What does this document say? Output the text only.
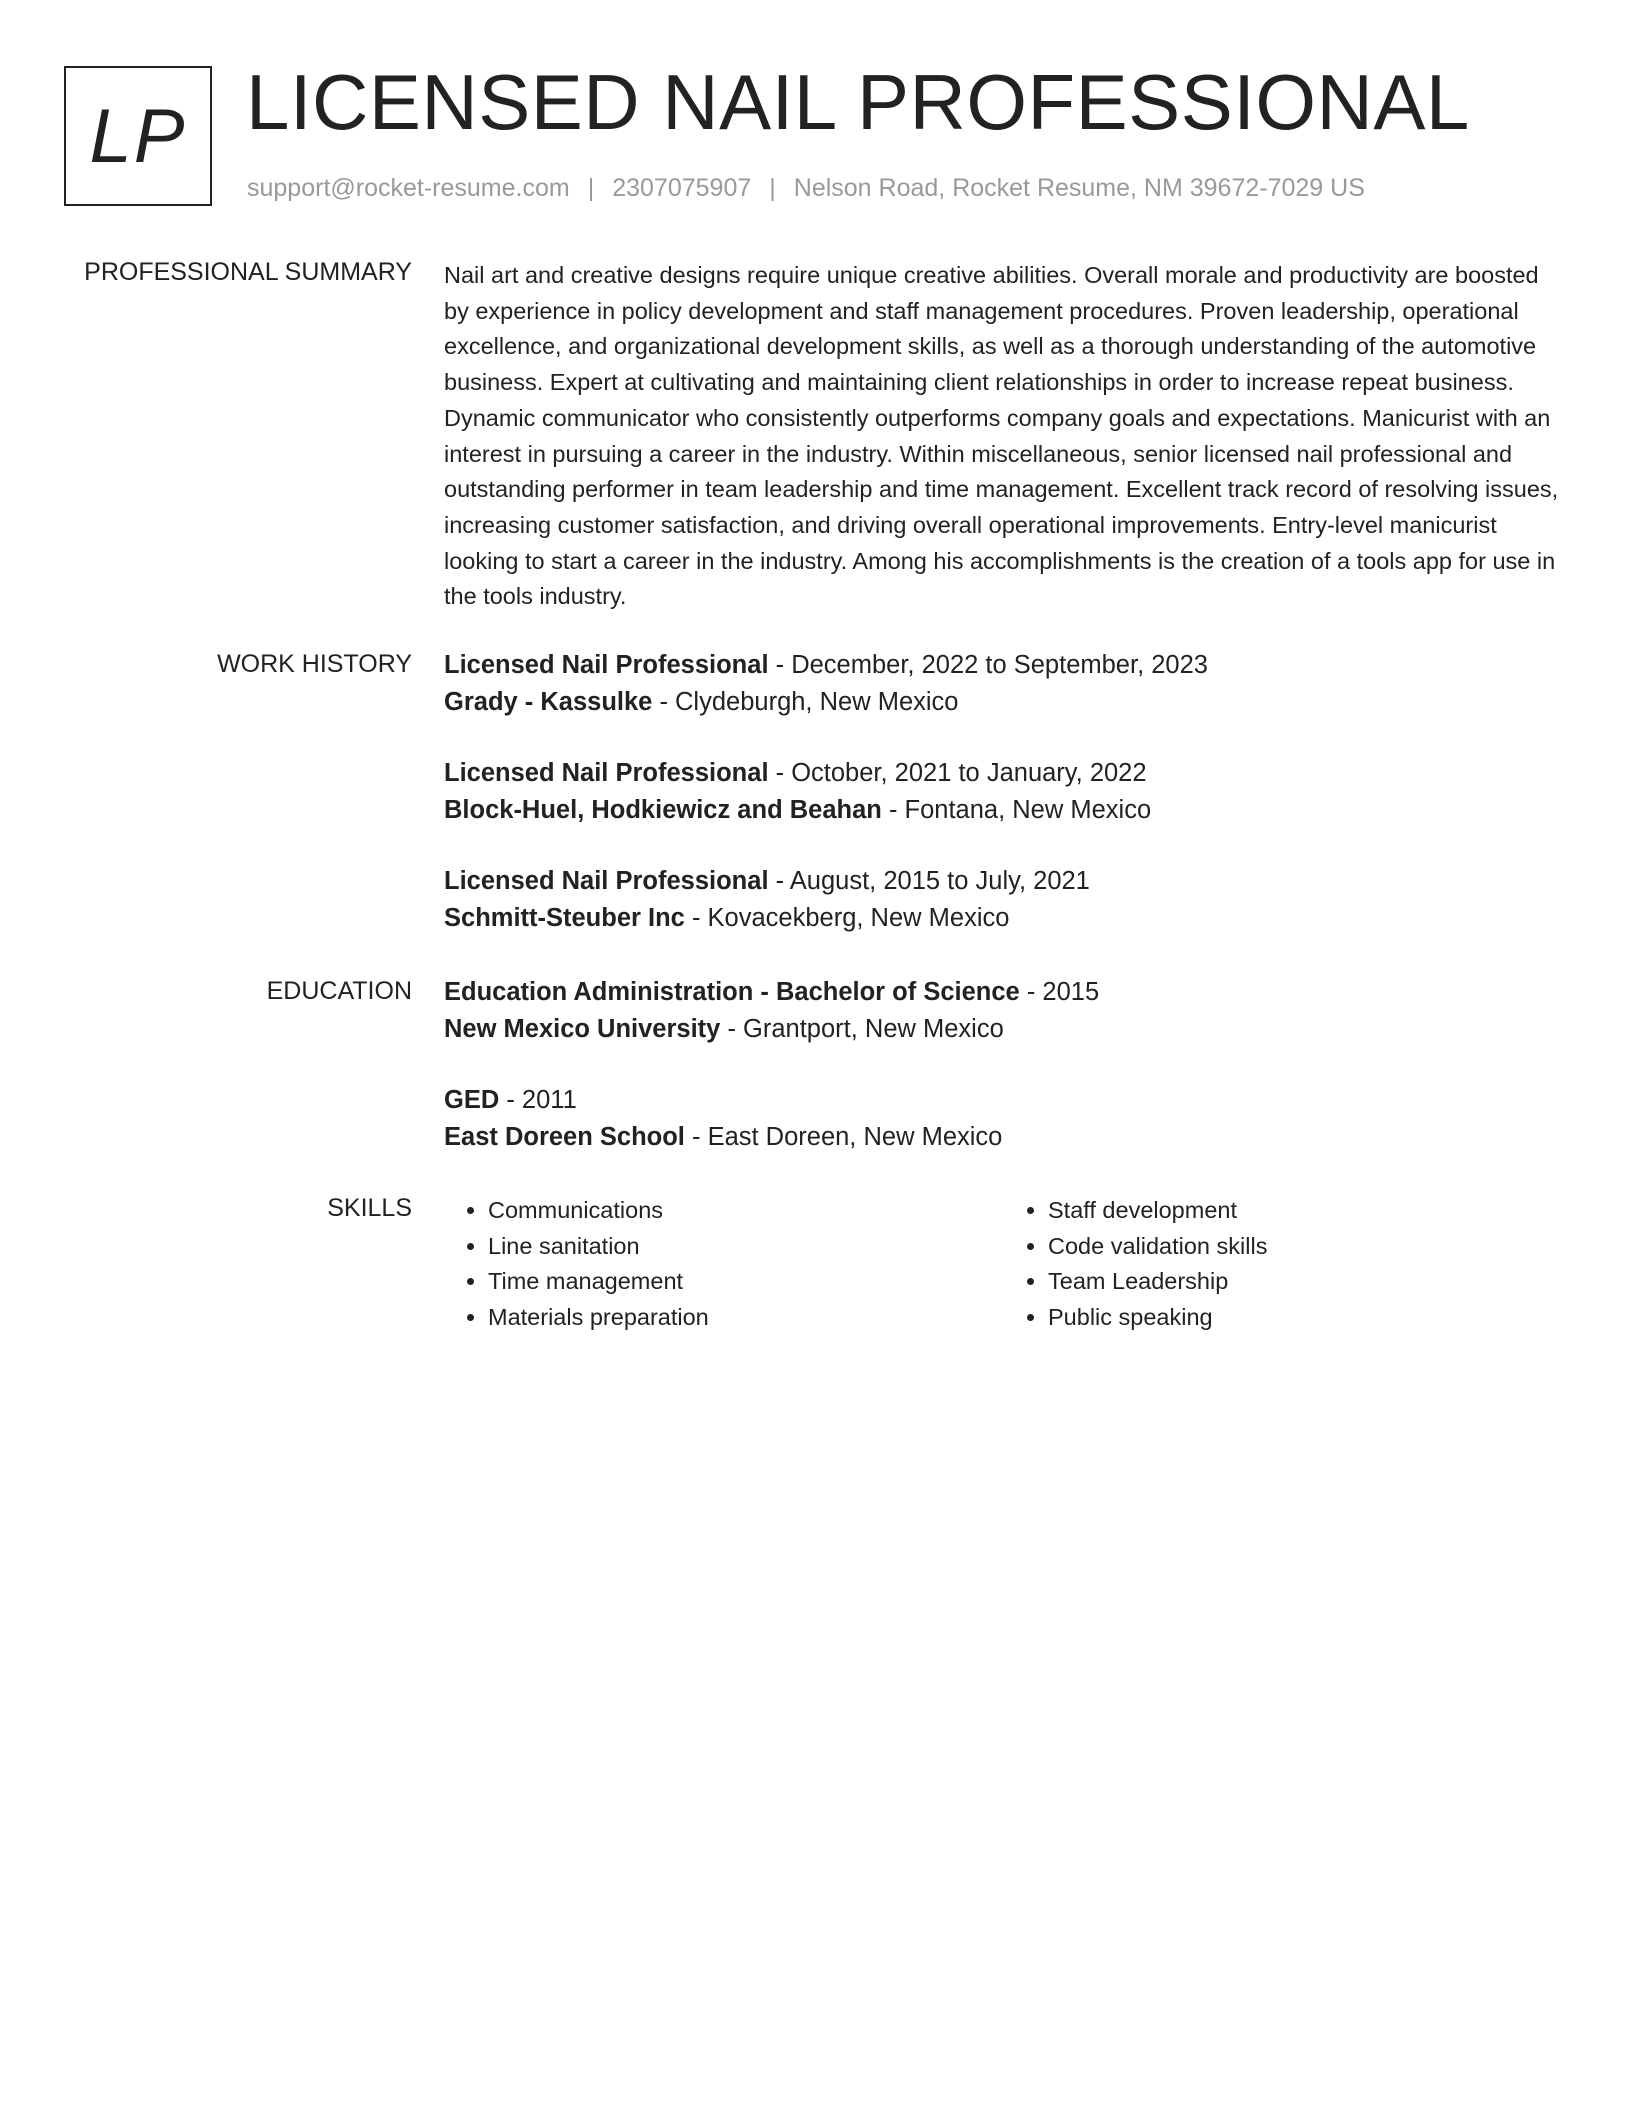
LP LICENSED NAIL PROFESSIONAL
support@rocket-resume.com | 2307075907 | Nelson Road, Rocket Resume, NM 39672-7029 US
PROFESSIONAL SUMMARY Nail art and creative designs require unique creative abilities. Overall morale and productivity are boosted by experience in policy development and staff management procedures. Proven leadership, operational excellence, and organizational development skills, as well as a thorough understanding of the automotive business. Expert at cultivating and maintaining client relationships in order to increase repeat business. Dynamic communicator who consistently outperforms company goals and expectations. Manicurist with an interest in pursuing a career in the industry. Within miscellaneous, senior licensed nail professional and outstanding performer in team leadership and time management. Excellent track record of resolving issues, increasing customer satisfaction, and driving overall operational improvements. Entry-level manicurist looking to start a career in the industry. Among his accomplishments is the creation of a tools app for use in the tools industry.

WORK HISTORY Licensed Nail Professional - December, 2022 to September, 2023
Grady - Kassulke - Clydeburgh, New Mexico
Licensed Nail Professional - October, 2021 to January, 2022
Block-Huel, Hodkiewicz and Beahan - Fontana, New Mexico
Licensed Nail Professional - August, 2015 to July, 2021
Schmitt-Steuber Inc - Kovacekberg, New Mexico
EDUCATION Education Administration - Bachelor of Science - 2015
New Mexico University - Grantport, New Mexico
GED - 2011
East Doreen School - East Doreen, New Mexico
SKILLS
•	Communications
• Line sanitation
• Time management
• Materials preparation
• Staff development
• Code validation skills
• Team Leadership
• Public speaking
